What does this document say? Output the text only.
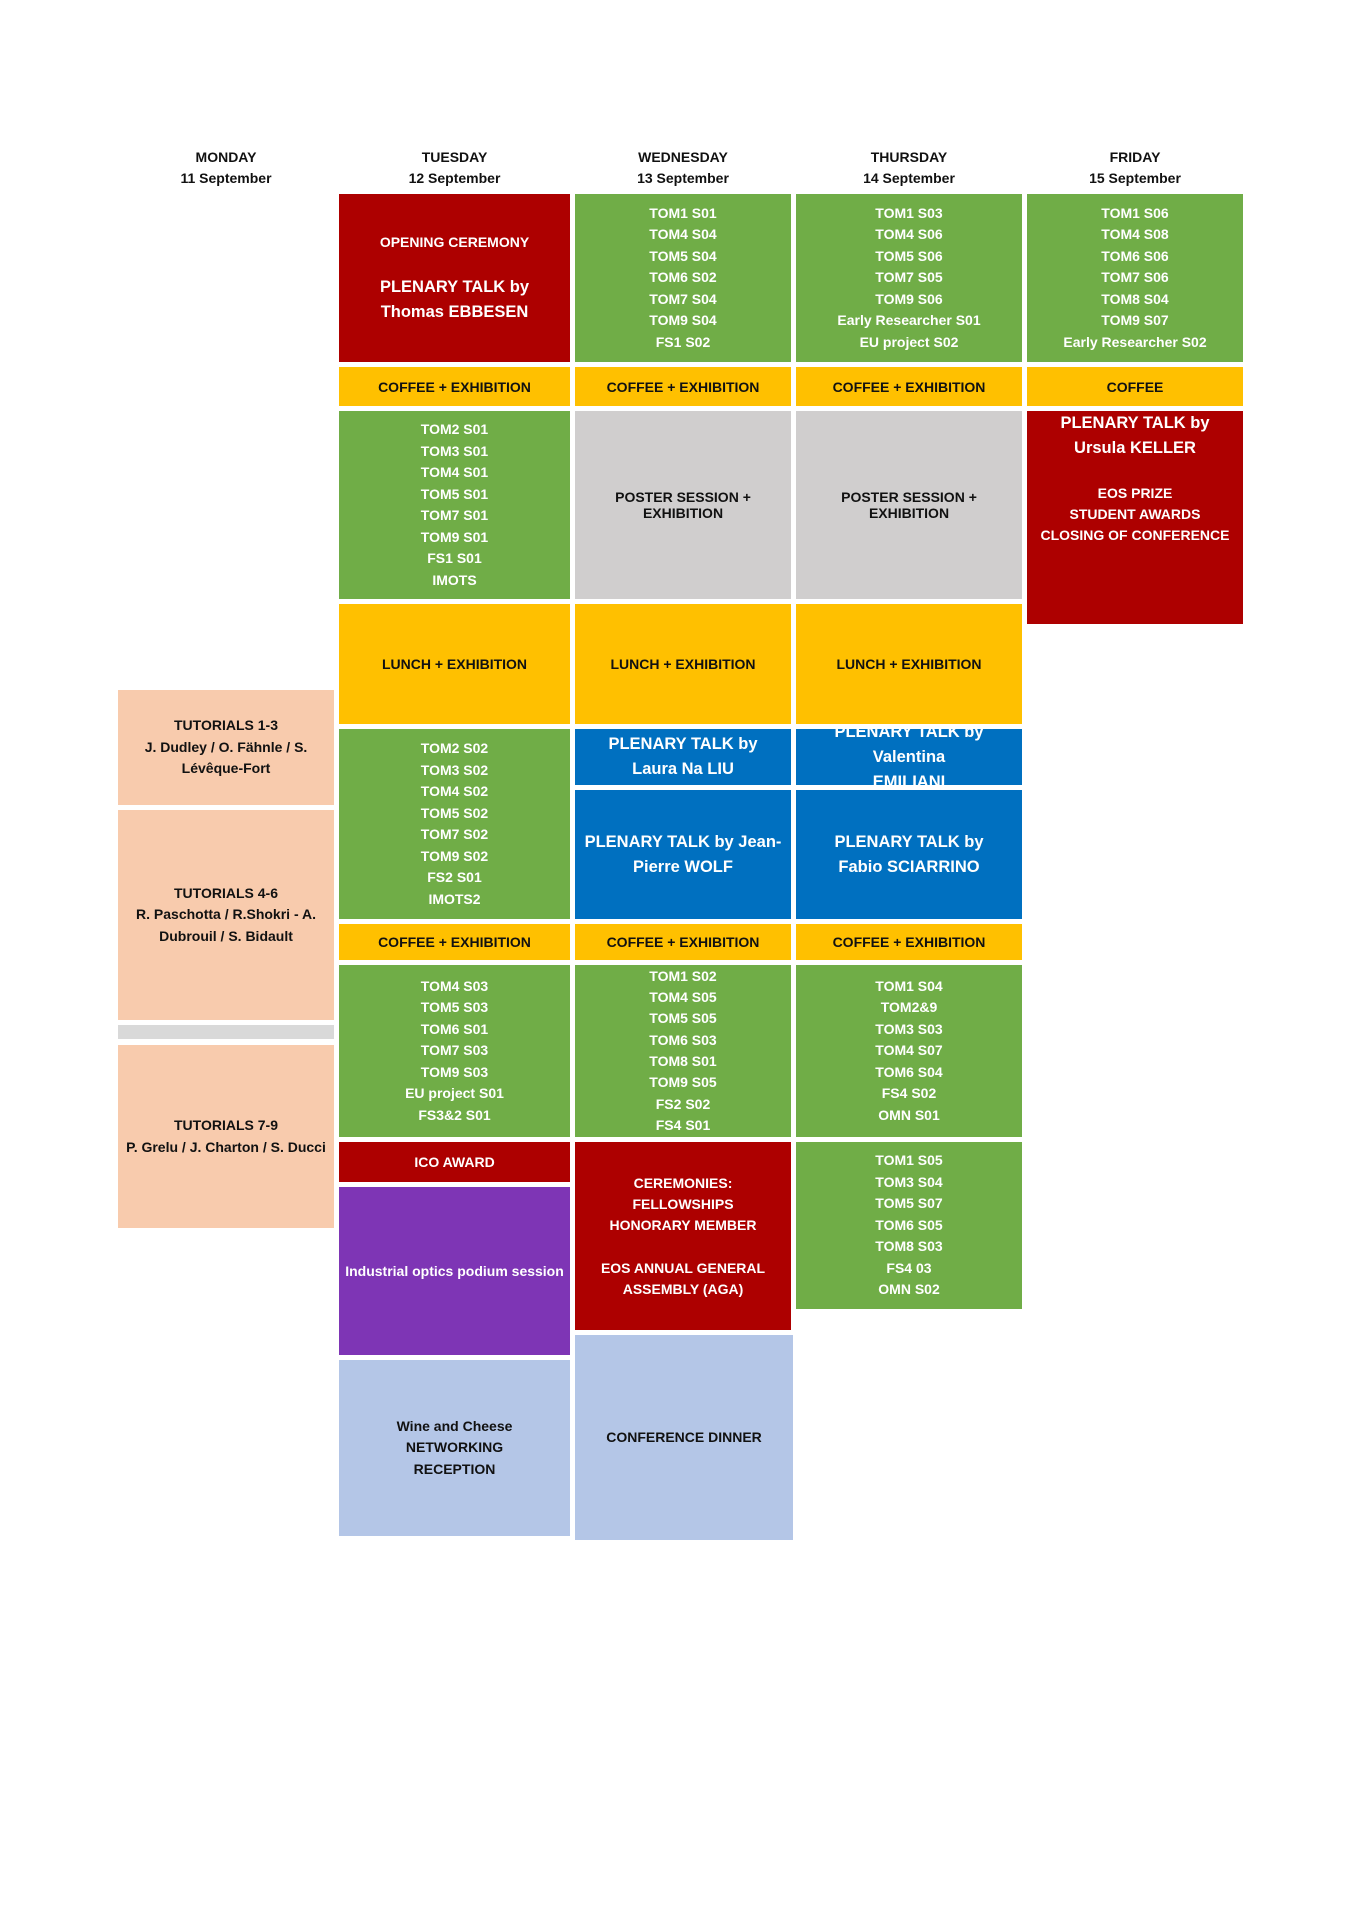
MONDAY
11 September
TUESDAY
12 September
WEDNESDAY
13 September
THURSDAY
14 September
FRIDAY
15 September
TUTORIALS 1-3
J. Dudley / O. Fähnle / S.
Lévêque-Fort
TUTORIALS 4-6
R. Paschotta / R.Shokri - A.
Dubrouil / S. Bidault
TUTORIALS 7-9
P. Grelu / J. Charton / S. Ducci
OPENING CEREMONY
PLENARY TALK by
Thomas EBBESEN
COFFEE + EXHIBITION
TOM2 S01
TOM3 S01
TOM4 S01
TOM5 S01
TOM7 S01
TOM9 S01
FS1 S01
IMOTS
LUNCH + EXHIBITION
TOM2 S02
TOM3 S02
TOM4 S02
TOM5 S02
TOM7 S02
TOM9 S02
FS2 S01
IMOTS2
COFFEE + EXHIBITION
TOM4 S03
TOM5 S03
TOM6 S01
TOM7 S03
TOM9 S03
EU project S01
FS3&2 S01
ICO AWARD
Industrial optics podium session
Wine and Cheese
NETWORKING
RECEPTION
TOM1 S01
TOM4 S04
TOM5 S04
TOM6 S02
TOM7 S04
TOM9 S04
FS1 S02
COFFEE + EXHIBITION
POSTER SESSION + EXHIBITION
LUNCH + EXHIBITION
PLENARY TALK by
Laura Na LIU
PLENARY TALK by Jean-
Pierre WOLF
COFFEE + EXHIBITION
TOM1 S02
TOM4 S05
TOM5 S05
TOM6 S03
TOM8 S01
TOM9 S05
FS2 S02
FS4 S01
CEREMONIES:
FELLOWSHIPS
HONORARY MEMBER
EOS ANNUAL GENERAL
ASSEMBLY (AGA)
CONFERENCE DINNER
TOM1 S03
TOM4 S06
TOM5 S06
TOM7 S05
TOM9 S06
Early Researcher S01
EU project S02
COFFEE + EXHIBITION
POSTER SESSION + EXHIBITION
LUNCH + EXHIBITION
PLENARY TALK by Valentina
EMILIANI
PLENARY TALK by
Fabio SCIARRINO
COFFEE + EXHIBITION
TOM1 S04
TOM2&9
TOM3 S03
TOM4 S07
TOM6 S04
FS4 S02
OMN S01
TOM1 S05
TOM3 S04
TOM5 S07
TOM6 S05
TOM8 S03
FS4 03
OMN S02
TOM1 S06
TOM4 S08
TOM6 S06
TOM7 S06
TOM8 S04
TOM9 S07
Early Researcher S02
COFFEE
PLENARY TALK by
Ursula KELLER
EOS PRIZE
STUDENT AWARDS
CLOSING OF CONFERENCE
